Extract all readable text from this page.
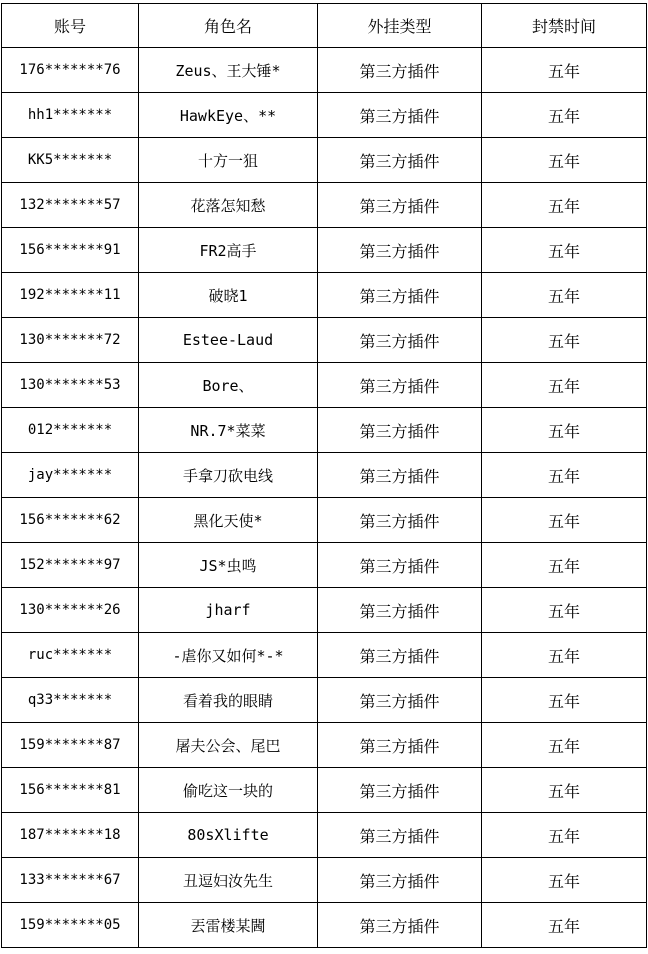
账号	角色名	外挂类型	封禁时间
176*******76	Zeus、王大锤*	第三方插件	五年
hh1*******	HawkEye、**	第三方插件	五年
KK5*******	十方一狙	第三方插件	五年
132*******57	花落怎知愁	第三方插件	五年
156*******91	FR2高手	第三方插件	五年
192*******11	破晓1	第三方插件	五年
130*******72	Estee-Laud	第三方插件	五年
130*******53	Bore、	第三方插件	五年
012*******	NR.7*菜菜	第三方插件	五年
jay*******	手拿刀砍电线	第三方插件	五年
156*******62	黑化天使*	第三方插件	五年
152*******97	JS*虫鸣	第三方插件	五年
130*******26	jharf	第三方插件	五年
ruc*******	-虐你又如何*-*	第三方插件	五年
q33*******	看着我的眼睛	第三方插件	五年
159*******87	屠夫公会、尾巴	第三方插件	五年
156*******81	偷吃这一块的	第三方插件	五年
187*******18	80sXlifte	第三方插件	五年
133*******67	丑逗妇汝先生	第三方插件	五年
159*******05	丟雷楼某閪	第三方插件	五年
